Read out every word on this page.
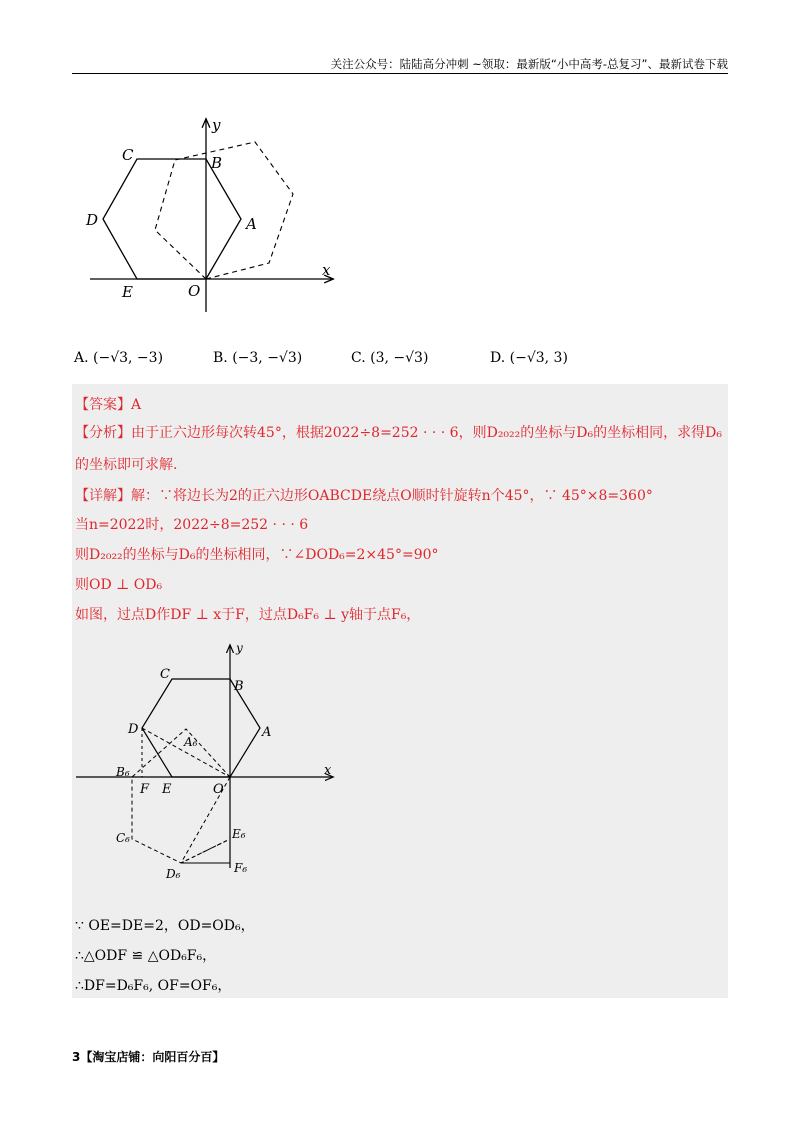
关注公众号：陆陆高分冲刺 ~领取：最新版“小中高考-总复习”、最新试卷下载
y
x
C	B
D	A
E	O
A. (−√3, −3)	B. (−3, −√3)	C. (3, −√3)	D. (−√3, 3)
【答案】A
【分析】由于正六边形每次转45°，根据2022÷8=252 · · · 6，则D₂₀₂₂的坐标与D₆的坐标相同，求得D₆
的坐标即可求解.
【详解】解：∵将边长为2的正六边形OABCDE绕点O顺时针旋转n个45°，∵ 45°×8=360°
当n=2022时，2022÷8=252 · · · 6
则D₂₀₂₂的坐标与D₆的坐标相同，∵∠DOD₆=2×45°=90°
则OD ⊥ OD₆
如图，过点D作DF ⊥ x于F，过点D₆F₆ ⊥ y轴于点F₆，
y
x
C
B
D
A₆
A
B₆
F E	O
C₆	E₆
D₆	F₆
∵ OE=DE=2，OD=OD₆，
∴△ODF ≌ △OD₆F₆，
∴DF=D₆F₆, OF=OF₆，
3【淘宝店铺：向阳百分百】
